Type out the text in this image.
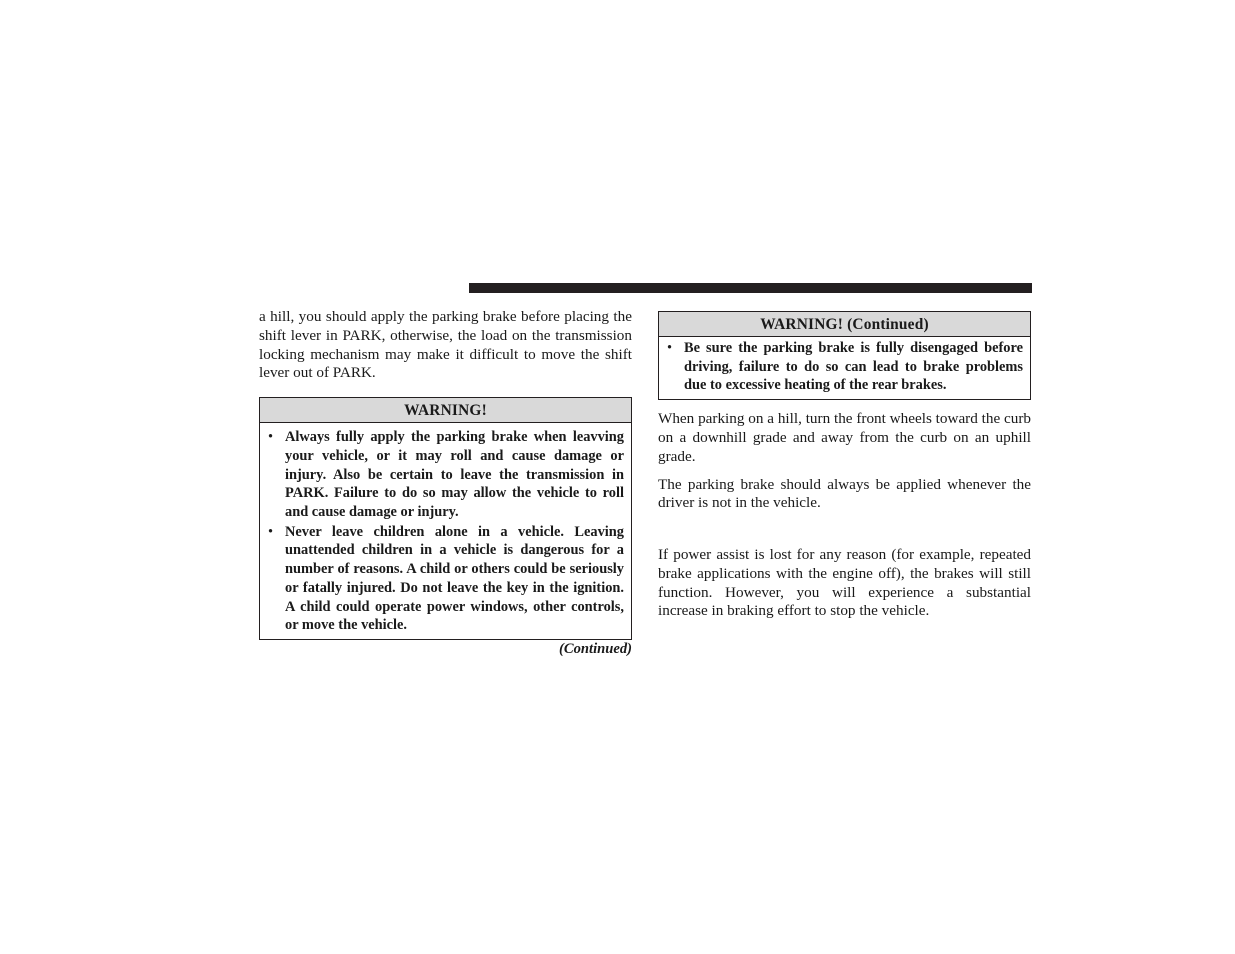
a hill, you should apply the parking brake before placing the shift lever in PARK, otherwise, the load on the transmission locking mechanism may make it difficult to move the shift lever out of PARK.

WARNING!
• Always fully apply the parking brake when leavving your vehicle, or it may roll and cause damage or injury. Also be certain to leave the transmission in PARK. Failure to do so may allow the vehicle to roll and cause damage or injury.
• Never leave children alone in a vehicle. Leaving unattended children in a vehicle is dangerous for a number of reasons. A child or others could be seriously or fatally injured. Do not leave the key in the ignition. A child could operate power windows, other controls, or move the vehicle.
(Continued)
WARNING! (Continued)
• Be sure the parking brake is fully disengaged before driving, failure to do so can lead to brake problems due to excessive heating of the rear brakes.

When parking on a hill, turn the front wheels toward the curb on a downhill grade and away from the curb on an uphill grade.

The parking brake should always be applied whenever the driver is not in the vehicle.

If power assist is lost for any reason (for example, repeated brake applications with the engine off), the brakes will still function. However, you will experience a substantial increase in braking effort to stop the vehicle.
